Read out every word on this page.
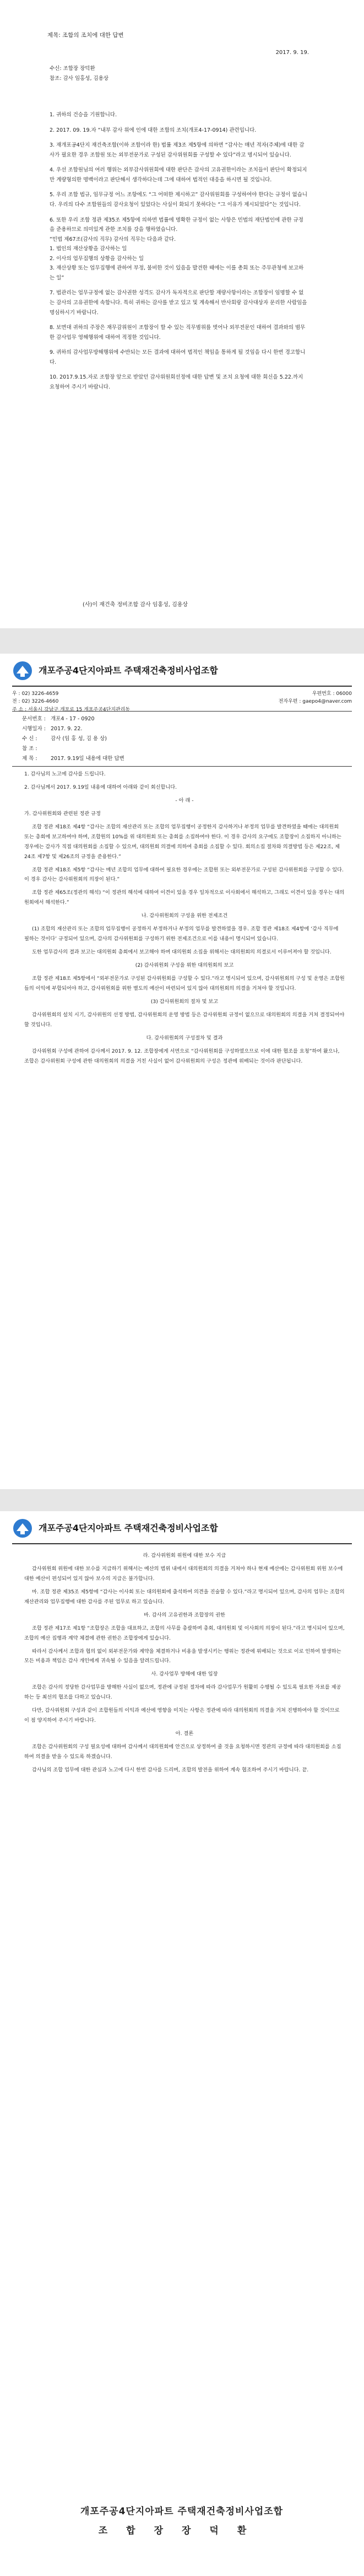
제목: 조합의 조치에 대한 답변
2017. 9. 19.
수신: 조합장 장덕환
참조: 감사 임홍성, 김용상

1. 귀하의 건승을 기원합니다.

2. 2017. 09. 19.자 “내부 감사 위에 인에 대한 조합의 조치(개포4-17-0914) 관련입니다.

3. 재개포공4단지 재건축조합(이하 조합이라 한) 법률 제3조 제5항에 의하면 “감사는 매년 적자(주체)에 대한 감사가 필요한 경우 조합원 또는 외부전문가로 구성된 감사위원회를 구성할 수 있다”라고 명시되어 있습니다.

4. 우선 조합원님의 여러 행위는 외부감사위원회에 대한 판단은 감사의 고유권한이라는 조치들이 판단이 확정되지만 계량형의한 명백이라고 판단해서 생각하다는데 그에 대하여 법적인 대응을 하시면 될 것입니다.

5. 우리 조합 법규, 임무규정 어느 조항에도 “그 어떠한 제시하고” 감사위원회를 구성하여야 한다는 규정이 없습니다. 우리의 다수 조합원들의 감사요청이 있었다는 사실이 화되기 못하다는 “그 이유가 제시되었다”는 것입니다.

6. 또한 우리 조합 정관 제35조 제5항에 의하면 법률에 명확한 규정이 없는 사항은 민법의 재단법인에 관한 규정을 준용하므로 의미있게 관한 조치를 강을 행하였습니다.
“민법 제67조(감사의 직무) 감사의 직무는 다음과 같다.
1. 법인의 재산상황을 감사하는 일
2. 이사의 업무집행의 상황을 감사하는 일
3. 재산상황 또는 업무집행에 관하여 부정, 불비한 것이 있음을 발견한 때에는 이를 총회 또는 주무관청에 보고하는 일”

7. 법관리는 업무규정에 없는 감사권한 성격도 감사가 독자적으로 판단할 재량사항이라는 조합장이 임명할 수 없는 감사의 고유권한에 속합니다. 특히 귀하는 감사를 받고 있고 및 계속해서 반사회랑 감사대상자 문리한 사람임을 명심하시기 바랍니다.

8. 보면대 귀하의 주장은 재무감위원이 조합장이 할 수 있는 직무범위를 벗어나 외부전문인 대하여 결과와의 범무한 감사업무 영해행위에 대하여 적정한 것입니다.

9. 귀하의 감사업무방해행위에 수반되는 모든 결과에 대하여 법적인 책임을 통하게 될 것임을 다시 한번 경고합니다.

10. 2017.9.15.자로 조합장 앞으로 받았던 감사위원회선정에 대한 답변 및 조치 요청에 대한 회신을 5.22.까지 요청하여 주시기 바랍니다.

(사)이 재건축 정비조합 감사 임홍성, 김용상
개포주공4단지아파트 주택재건축정비사업조합
우 : 02) 3226-4659
전 : 02) 3226-4660
주 소 : 서울시 강남구 개포로 15 개포주공4단지관리동
우편번호 : 06000
전자우편 : gaepo4@naver.com
문서번호 : 개포4 - 17 - 0920
시행일자 : 2017. 9. 22.
수 신 :	감사 (임 홍 성, 김 용 상)
참 조 :
제 목 :	2017. 9.19일 내용에 대한 답변

1. 감사님의 노고에 감사를 드립니다.

2. 감사님께서 2017. 9.19일 내용에 대하여 아래와 같이 회신합니다.

- 아 래 -

가. 감사위원회와 관련된 정관 규정

조합 정관 제18조 제4항 “감사는 조합의 재산관리 또는 조합의 업무집행이 공정한지 감사하거나 부정의 업무를 발견하였을 때에는 대의원회 또는 총회에 보고하여야 하며, 조합원의 10%를 위 대의원회 또는 총회를 소집하여야 한다. 이 경우 감사의 요구에도 조합장이 소집하지 아니하는 경우에는 감사가 직접 대의원회를 소집할 수 있으며, 대의원회 의결에 의하여 총회를 소집할 수 있다. 회의소집 절차와 의결방법 등은 제22조, 제24조 제7항 및 제26조의 규정을 준용한다.”

조합 정관 제18조 제5항 “감사는 매년 조합의 업무에 대하여 필요한 경우에는 조합원 또는 외부전문가로 구성된 감사위원회를 구성할 수 있다. 이 경우 감사는 감사위원회의 의장이 된다.”

조합 정관 제65조(정관의 해석) “이 정관의 해석에 대하여 이견이 있을 경우 일차적으로 이사회에서 해석하고, 그래도 이견이 있을 경우는 대의원회에서 해석한다.”

나. 감사위원회의 구성을 위한 전제조건

(1) 조합의 재산관리 또는 조합의 업무집행이 공정하지 부정하거나 부정의 업무를 발견하였을 경우. 조합 정관 제18조 제4항에 ‘감사 직무에 필하는 것이다’ 규정되어 있으며, 감사의 감사위원회를 구성하기 위한 전제조건으로 이를 내용이 명시되어 있습니다.

도한 업무감사의 결과 보고는 대의원회 총회에서 보고해야 하며 대의원회 소집을 위해서는 대의원회의 의결로서 이루어져야 할 것입니다.

(2) 감사위원회 구성을 위한 대의원회의 보고

조합 정관 제18조 제5항에서 “외부전문가로 구성된 감사위원회를 구성할 수 있다.”라고 명시되어 있으며, 감사위원회의 구성 및 운영은 조합원들의 이익에 부합되어야 하고, 감사위원회를 위한 별도의 예산이 마련되어 있지 않아 대의원회의 의결을 거쳐야 할 것입니다.

(3) 감사위원회의 절차 및 보고

감사위원회의 설치 시기, 감사위원의 선정 방법, 감사위원회의 운영 방법 등은 감사위원회 규정이 없으므로 대의원회의 의결을 거쳐 결정되어야 할 것입니다.

다. 감사위원회의 구성절차 및 결과

감사위원회 구성에 관하여 감사께서 2017. 9. 12. 조합장에게 서면으로 “감사위원회를 구성하였으므로 이에 대한 협조를 요청”하여 왔으나, 조합은 감사위원회 구성에 관한 대의원회의 의결을 거친 사실이 없어 감사위원회의 구성은 정관에 위배되는 것이라 판단됩니다.

개포주공4단지아파트 주택재건축정비사업조합

라. 감사위원회 위원에 대한 보수 지급

감사위원회 위원에 대한 보수를 지급하기 위해서는 예산의 범위 내에서 대의원회의 의결을 거쳐야 하나 현재 예산에는 감사위원회 위원 보수에 대한 예산이 편성되어 있지 않아 보수의 지급은 불가합니다.

마. 조합 정관 제35조 제5항에 “감사는 이사회 또는 대의원회에 출석하여 의견을 진술할 수 있다.”라고 명시되어 있으며, 감사의 업무는 조합의 재산관리와 업무집행에 대한 감사를 주된 업무로 하고 있습니다.

바. 감사의 고유권한과 조합장의 권한

조합 정관 제17조 제1항 “조합장은 조합을 대표하고, 조합의 사무를 총괄하며 총회, 대의원회 및 이사회의 의장이 된다.”라고 명시되어 있으며, 조합의 예산 집행과 계약 체결에 관한 권한은 조합장에게 있습니다.

따라서 감사께서 조합과 협의 없이 외부전문가와 계약을 체결하거나 비용을 발생시키는 행위는 정관에 위배되는 것으로 이로 인하여 발생하는 모든 비용과 책임은 감사 개인에게 귀속될 수 있음을 알려드립니다.

사. 감사업무 방해에 대한 입장

조합은 감사의 정당한 감사업무를 방해한 사실이 없으며, 정관에 규정된 절차에 따라 감사업무가 원활히 수행될 수 있도록 필요한 자료를 제공하는 등 최선의 협조를 다하고 있습니다.

다만, 감사위원회 구성과 같이 조합원들의 이익과 예산에 영향을 미치는 사항은 정관에 따라 대의원회의 의결을 거쳐 진행하여야 할 것이므로 이 점 양지하여 주시기 바랍니다.

아. 결론

조합은 감사위원회의 구성 필요성에 대하여 감사께서 대의원회에 안건으로 상정하여 줄 것을 요청하시면 정관의 규정에 따라 대의원회를 소집하여 의결을 받을 수 있도록 하겠습니다.

감사님의 조합 업무에 대한 관심과 노고에 다시 한번 감사를 드리며, 조합의 발전을 위하여 계속 협조하여 주시기 바랍니다. 끝.

개포주공4단지아파트 주택재건축정비사업조합
조합장장덕환
